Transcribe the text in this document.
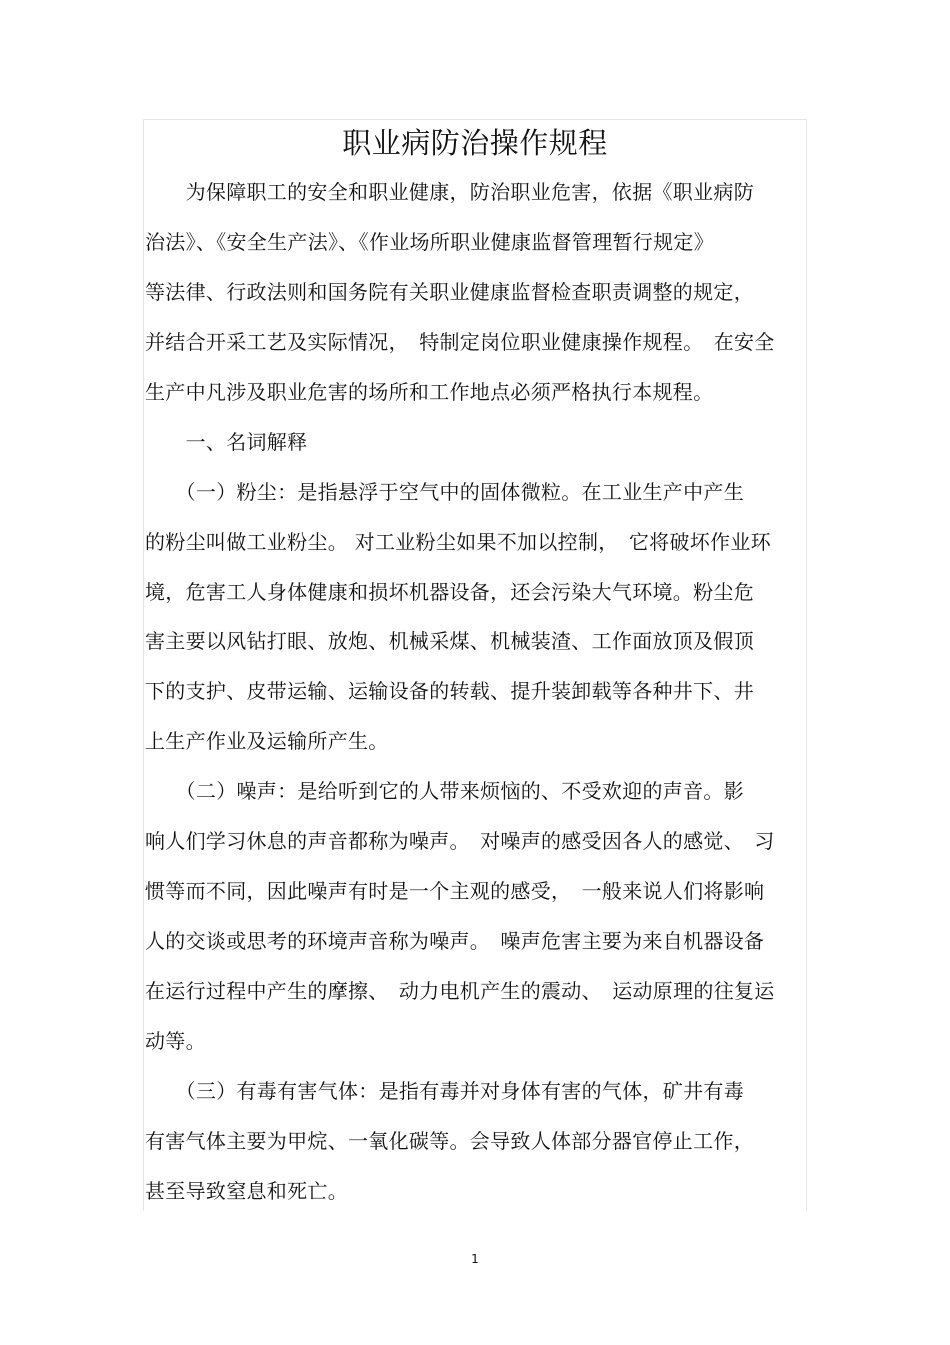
职业病防治操作规程
　　为保障职工的安全和职业健康，防治职业危害，依据《职业病防
治法》、《安全生产法》、《作业场所职业健康监督管理暂行规定》
等法律、行政法则和国务院有关职业健康监督检查职责调整的规定，
并结合开采工艺及实际情况，　特制定岗位职业健康操作规程。　在安全
生产中凡涉及职业危害的场所和工作地点必须严格执行本规程。
　　一、名词解释
　　（一）粉尘：是指悬浮于空气中的固体微粒。在工业生产中产生
的粉尘叫做工业粉尘。 对工业粉尘如果不加以控制，　它将破坏作业环
境，危害工人身体健康和损坏机器设备，还会污染大气环境。粉尘危
害主要以风钻打眼、放炮、机械采煤、机械装渣、工作面放顶及假顶
下的支护、皮带运输、运输设备的转载、提升装卸载等各种井下、井
上生产作业及运输所产生。
　　（二）噪声：是给听到它的人带来烦恼的、不受欢迎的声音。影
响人们学习休息的声音都称为噪声。　对噪声的感受因各人的感觉、　习
惯等而不同，因此噪声有时是一个主观的感受，　一般来说人们将影响
人的交谈或思考的环境声音称为噪声。　噪声危害主要为来自机器设备
在运行过程中产生的摩擦、　动力电机产生的震动、　运动原理的往复运
动等。
　　（三）有毒有害气体：是指有毒并对身体有害的气体，矿井有毒
有害气体主要为甲烷、一氧化碳等。会导致人体部分器官停止工作，
甚至导致窒息和死亡。
1
